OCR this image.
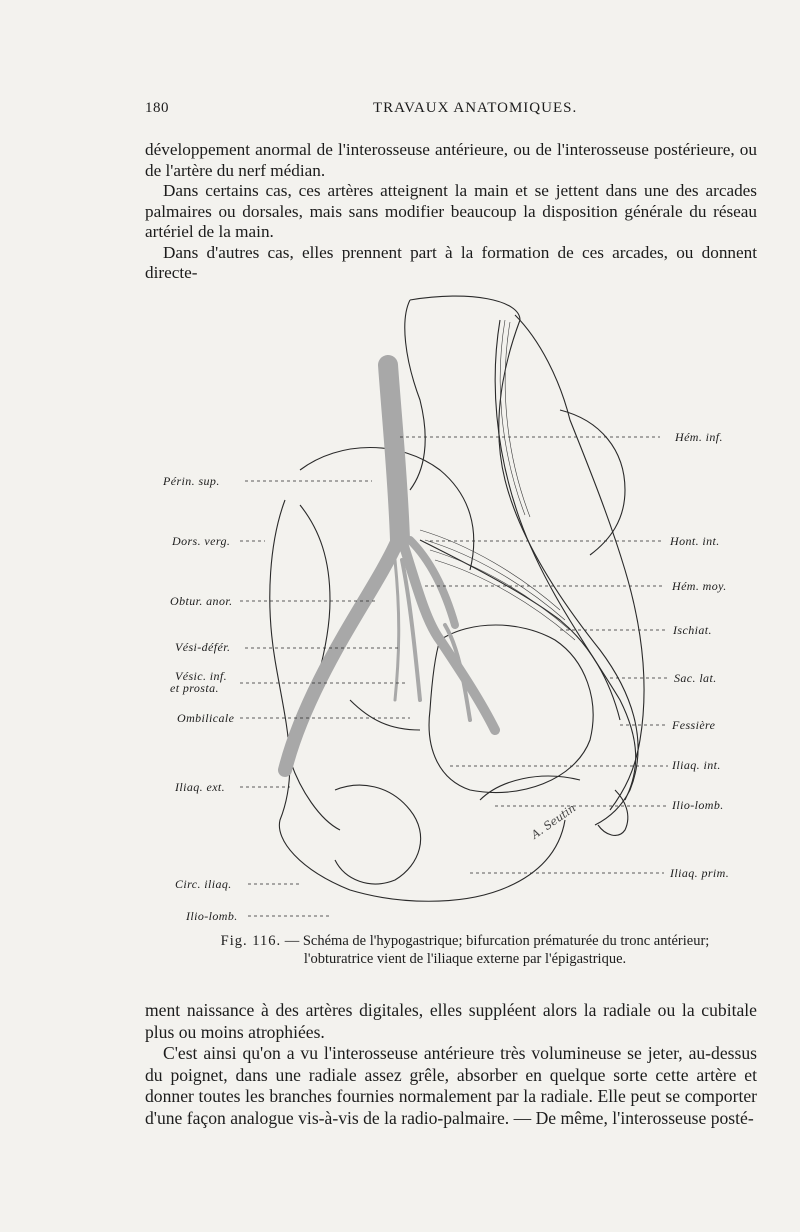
180	TRAVAUX ANATOMIQUES.

développement anormal de l'interosseuse antérieure, ou de l'interosseuse postérieure, ou de l'artère du nerf médian.

Dans certains cas, ces artères atteignent la main et se jettent dans une des arcades palmaires ou dorsales, mais sans modifier beaucoup la disposition générale du réseau artériel de la main.

Dans d'autres cas, elles prennent part à la formation de ces arcades, ou donnent directe-

Périn. sup.
Dors. verg.
Obtur. anor.
Vési-défér.
Vésic. inf.
et prosta.
Ombilicale
Iliaq. ext.
Circ. iliaq.
Ilio-lomb.
Hém. inf.
Hont. int.
Hém. moy.
Ischiat.
Sac. lat.
Fessière
Iliaq. int.
Ilio-lomb.
Iliaq. prim.
A. Seutin
Fig. 116. — Schéma de l'hypogastrique; bifurcation prématurée du tronc antérieur; l'obturatrice vient de l'iliaque externe par l'épigastrique.

ment naissance à des artères digitales, elles suppléent alors la radiale ou la cubitale plus ou moins atrophiées.

C'est ainsi qu'on a vu l'interosseuse antérieure très volumineuse se jeter, au-dessus du poignet, dans une radiale assez grêle, absorber en quelque sorte cette artère et donner toutes les branches fournies normalement par la radiale. Elle peut se comporter d'une façon analogue vis-à-vis de la radio-palmaire. — De même, l'interosseuse posté-
